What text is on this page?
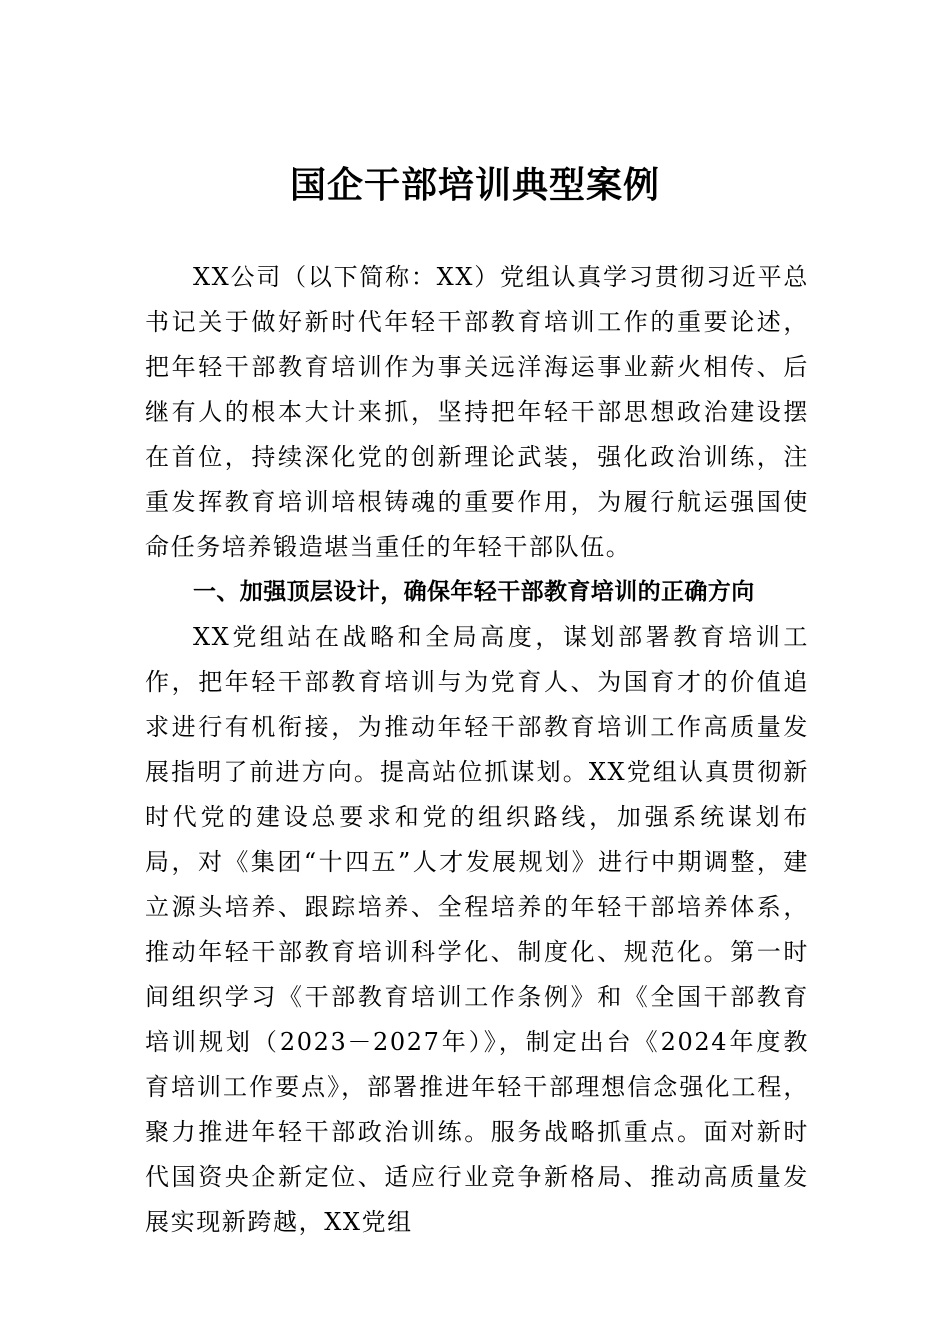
国企干部培训典型案例

XX公司（以下简称：XX）党组认真学习贯彻习近平总书记关于做好新时代年轻干部教育培训工作的重要论述，把年轻干部教育培训作为事关远洋海运事业薪火相传、后继有人的根本大计来抓，坚持把年轻干部思想政治建设摆在首位，持续深化党的创新理论武装，强化政治训练，注重发挥教育培训培根铸魂的重要作用，为履行航运强国使命任务培养锻造堪当重任的年轻干部队伍。

一、加强顶层设计，确保年轻干部教育培训的正确方向

XX党组站在战略和全局高度，谋划部署教育培训工作，把年轻干部教育培训与为党育人、为国育才的价值追求进行有机衔接，为推动年轻干部教育培训工作高质量发展指明了前进方向。提高站位抓谋划。XX党组认真贯彻新时代党的建设总要求和党的组织路线，加强系统谋划布局，对《集团“十四五”人才发展规划》进行中期调整，建立源头培养、跟踪培养、全程培养的年轻干部培养体系，推动年轻干部教育培训科学化、制度化、规范化。第一时间组织学习《干部教育培训工作条例》和《全国干部教育培训规划（2023－2027年）》，制定出台《2024年度教育培训工作要点》，部署推进年轻干部理想信念强化工程，聚力推进年轻干部政治训练。服务战略抓重点。面对新时代国资央企新定位、适应行业竞争新格局、推动高质量发展实现新跨越，XX党组
